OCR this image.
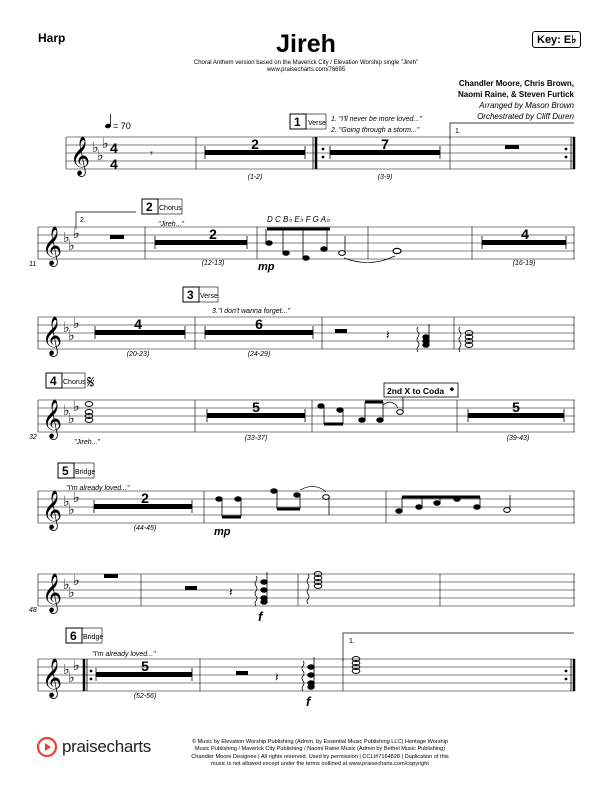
Harp	Jireh
Choral Anthem version based on the Maverick City / Elevation Worship single "Jireh"
www.praisecharts.com/76695
Key: E♭
Chandler Moore, Chris Brown,
Naomi Raine, & Steven Furtick
Arranged by Mason Brown
Orchestrated by Cliff Duren
𝄞 ♭
♭
♭ 4
4
= 70
𝄾
2
(1-2)
7
(3-9)
1 Verse
1. "I'll never be more loved..."
2. "Going through a storm..."	1.
𝄞 ♭
♭
♭
11
2.
2 Chorus
"Jireh..."
2
(12-13)
D C B♭ E♭ F G A♭
mp
4
(16-19)
𝄞 ♭
♭
♭	4
(20-23)
3 Verse
3."I don't wanna forget..."
6
(24-29)
𝄽
𝄞 ♭
♭
♭
32
4 Chorus 𝄋
"Jireh..."
5
(33-37)
2nd X to Coda 𝄌
5
(39-43)
𝄞 ♭
♭
♭
5 Bridge
"I'm already loved..."
2
(44-45)	mp
𝄞 ♭
♭
♭
48
𝄽
f
𝄞 ♭
♭
♭
6 Bridge
"I'm already loved..."
5
(52-56)
𝄽
f
1.
praisecharts	© Music by Elevation Worship Publishing (Admin. by Essential Music Publishing LLC) Heritage Worship
Music Publishing / Maverick City Publishing / Naomi Raine Music (Admin by Bethel Music Publishing)
Chandler Moore Designee | All rights reserved. Used by permission | CCLI#7164828 | Duplication of this
music is not allowed except under the terms outlined at www.praisecharts.com/copyright
